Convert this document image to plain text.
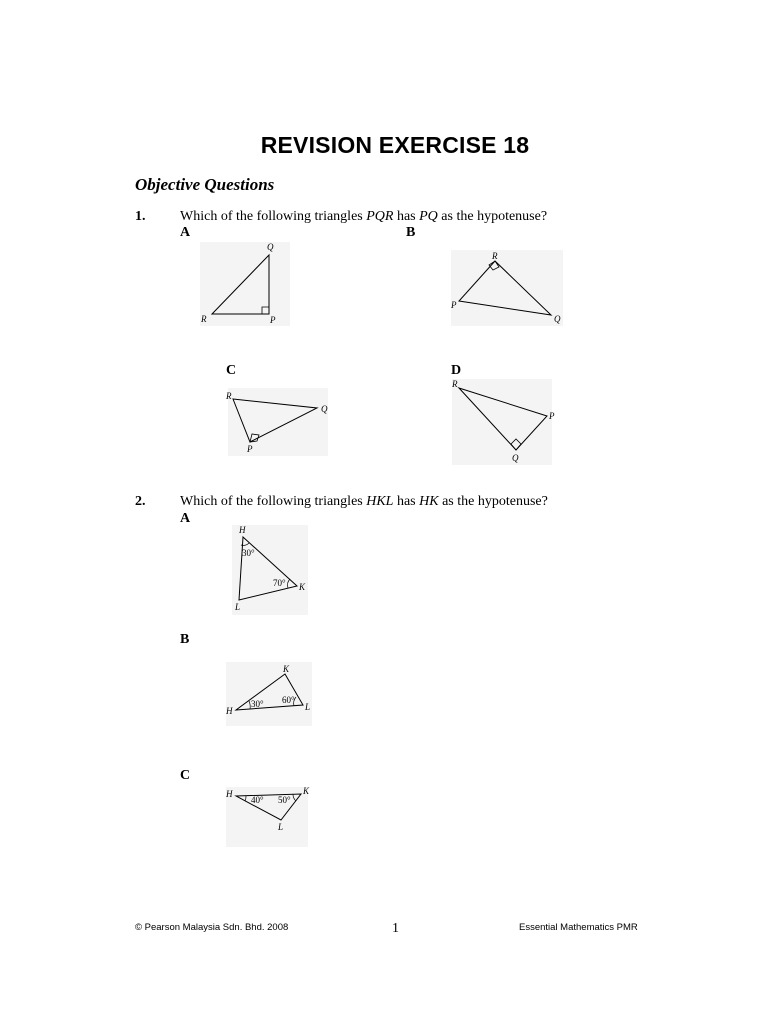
REVISION EXERCISE 18
Objective Questions
1. Which of the following triangles PQR has PQ as the hypotenuse?
A	B
C	D
Q
R	P
R
P
Q
R
Q
P
R
P
Q
2. Which of the following triangles HKL has HK as the hypotenuse?
A
B
C
H
K
L
30°
70°
K
H	L
30° 60°
H	K
L
40° 50°
© Pearson Malaysia Sdn. Bhd. 2008	1	Essential Mathematics PMR
